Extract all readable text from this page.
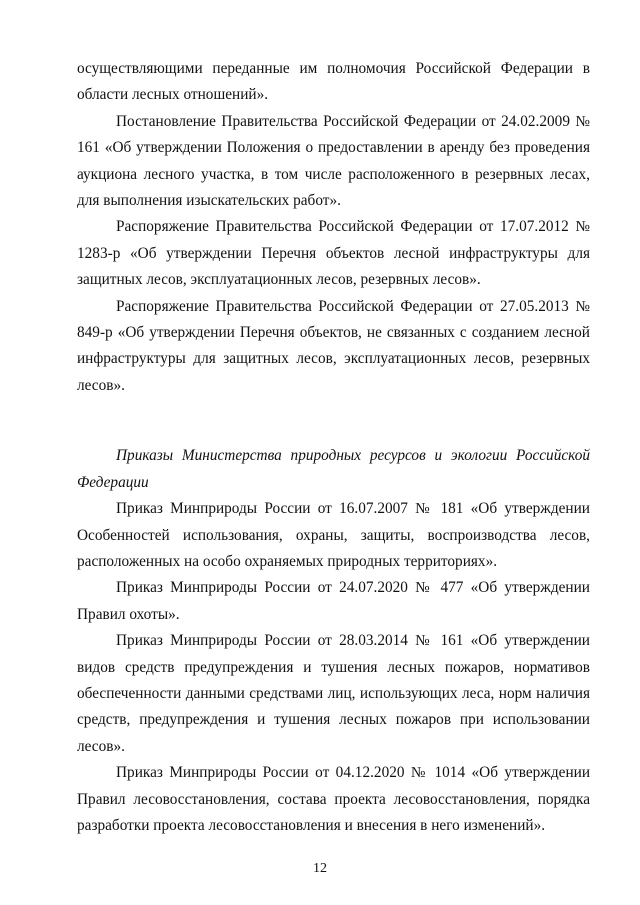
осуществляющими переданные им полномочия Российской Федерации в области лесных отношений».

Постановление Правительства Российской Федерации от 24.02.2009 № 161 «Об утверждении Положения о предоставлении в аренду без проведения аукциона лесного участка, в том числе расположенного в резервных лесах, для выполнения изыскательских работ».

Распоряжение Правительства Российской Федерации от 17.07.2012 № 1283-р «Об утверждении Перечня объектов лесной инфраструктуры для защитных лесов, эксплуатационных лесов, резервных лесов».

Распоряжение Правительства Российской Федерации от 27.05.2013 № 849-р «Об утверждении Перечня объектов, не связанных с созданием лесной инфраструктуры для защитных лесов, эксплуатационных лесов, резервных лесов».

Приказы Министерства природных ресурсов и экологии Российской Федерации

Приказ Минприроды России от 16.07.2007 № 181 «Об утверждении Особенностей использования, охраны, защиты, воспроизводства лесов, расположенных на особо охраняемых природных территориях».

Приказ Минприроды России от 24.07.2020 № 477 «Об утверждении Правил охоты».

Приказ Минприроды России от 28.03.2014 № 161 «Об утверждении видов средств предупреждения и тушения лесных пожаров, нормативов обеспеченности данными средствами лиц, использующих леса, норм наличия средств, предупреждения и тушения лесных пожаров при использовании лесов».

Приказ Минприроды России от 04.12.2020 № 1014 «Об утверждении Правил лесовосстановления, состава проекта лесовосстановления, порядка разработки проекта лесовосстановления и внесения в него изменений».

12
